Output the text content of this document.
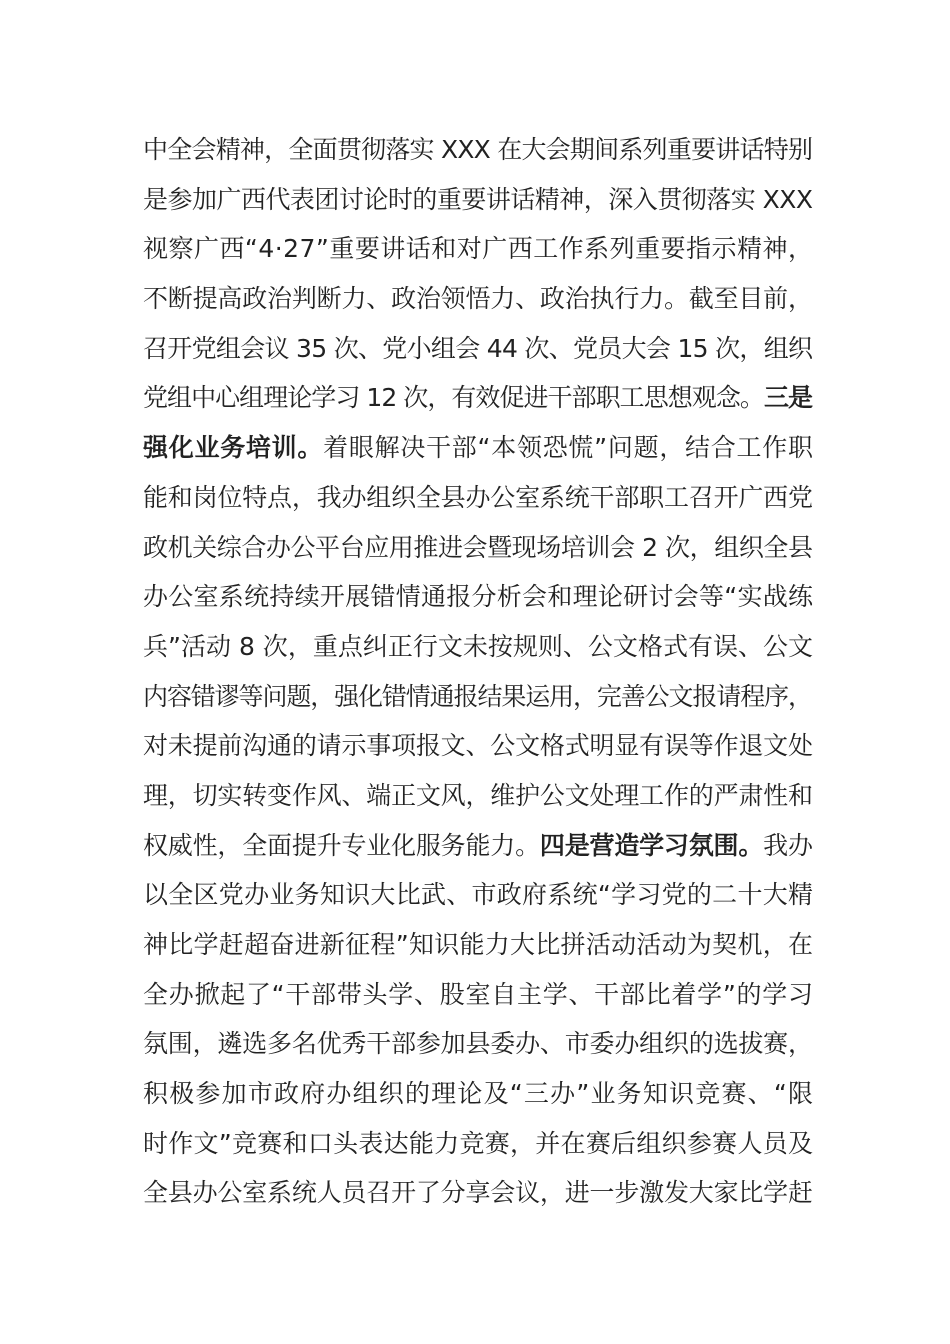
中全会精神，全面贯彻落实 XXX 在大会期间系列重要讲话特别
是参加广西代表团讨论时的重要讲话精神，深入贯彻落实 XXX
视察广西“4·27”重要讲话和对广西工作系列重要指示精神，
不断提高政治判断力、政治领悟力、政治执行力。截至目前，
召开党组会议 35 次、党小组会 44 次、党员大会 15 次，组织
党组中心组理论学习 12 次，有效促进干部职工思想观念。三是
强化业务培训。着眼解决干部“本领恐慌”问题，结合工作职
能和岗位特点，我办组织全县办公室系统干部职工召开广西党
政机关综合办公平台应用推进会暨现场培训会 2 次，组织全县
办公室系统持续开展错情通报分析会和理论研讨会等“实战练
兵”活动 8 次，重点纠正行文未按规则、公文格式有误、公文
内容错谬等问题，强化错情通报结果运用，完善公文报请程序，
对未提前沟通的请示事项报文、公文格式明显有误等作退文处
理，切实转变作风、端正文风，维护公文处理工作的严肃性和
权威性，全面提升专业化服务能力。四是营造学习氛围。我办
以全区党办业务知识大比武、市政府系统“学习党的二十大精
神比学赶超奋进新征程”知识能力大比拼活动活动为契机，在
全办掀起了“干部带头学、股室自主学、干部比着学”的学习
氛围，遴选多名优秀干部参加县委办、市委办组织的选拔赛，
积极参加市政府办组织的理论及“三办”业务知识竞赛、“限
时作文”竞赛和口头表达能力竞赛，并在赛后组织参赛人员及
全县办公室系统人员召开了分享会议，进一步激发大家比学赶
